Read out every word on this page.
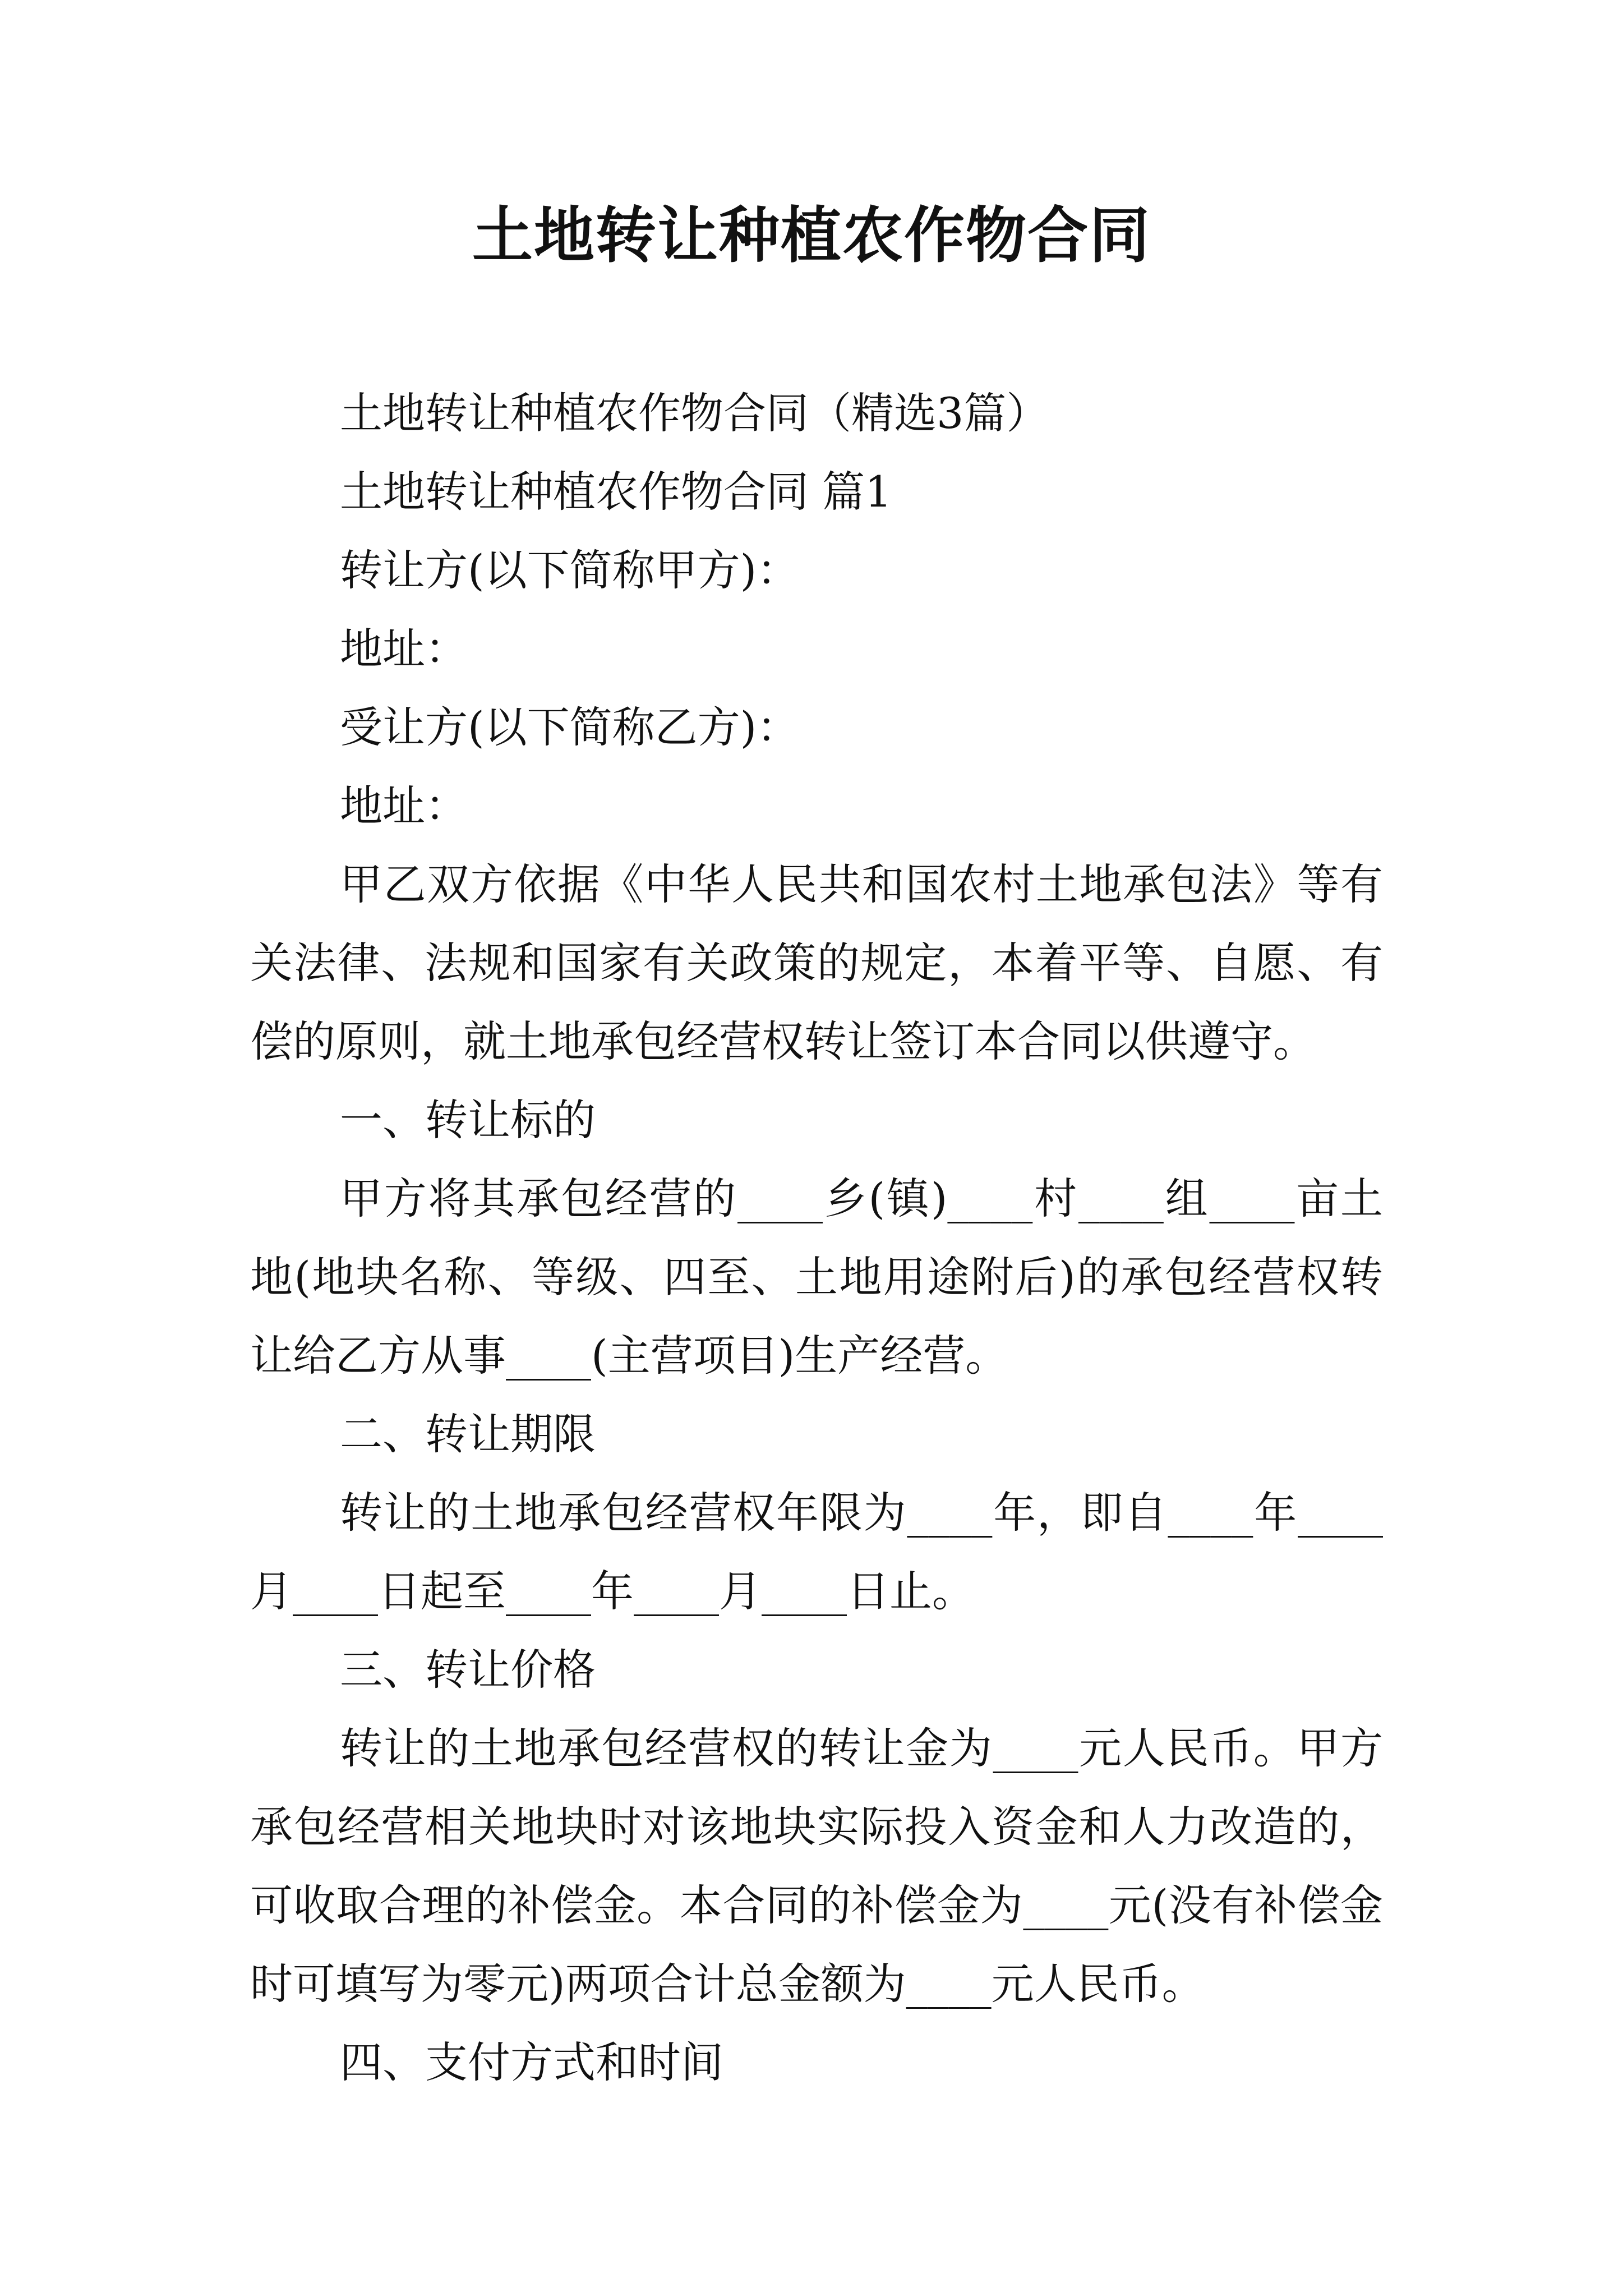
土地转让种植农作物合同

土地转让种植农作物合同（精选3篇）

土地转让种植农作物合同 篇1

转让方(以下简称甲方)：

地址：

受让方(以下简称乙方)：

地址：

甲乙双方依据《中华人民共和国农村土地承包法》等有关法律、法规和国家有关政策的规定，本着平等、自愿、有偿的原则，就土地承包经营权转让签订本合同以供遵守。

一、转让标的

甲方将其承包经营的____乡(镇)____村____组____亩土地(地块名称、等级、四至、土地用途附后)的承包经营权转让给乙方从事____(主营项目)生产经营。

二、转让期限

转让的土地承包经营权年限为____年，即自____年____月____日起至____年____月____日止。

三、转让价格

转让的土地承包经营权的转让金为____元人民币。甲方承包经营相关地块时对该地块实际投入资金和人力改造的，可收取合理的补偿金。本合同的补偿金为____元(没有补偿金时可填写为零元)两项合计总金额为____元人民币。

四、支付方式和时间
